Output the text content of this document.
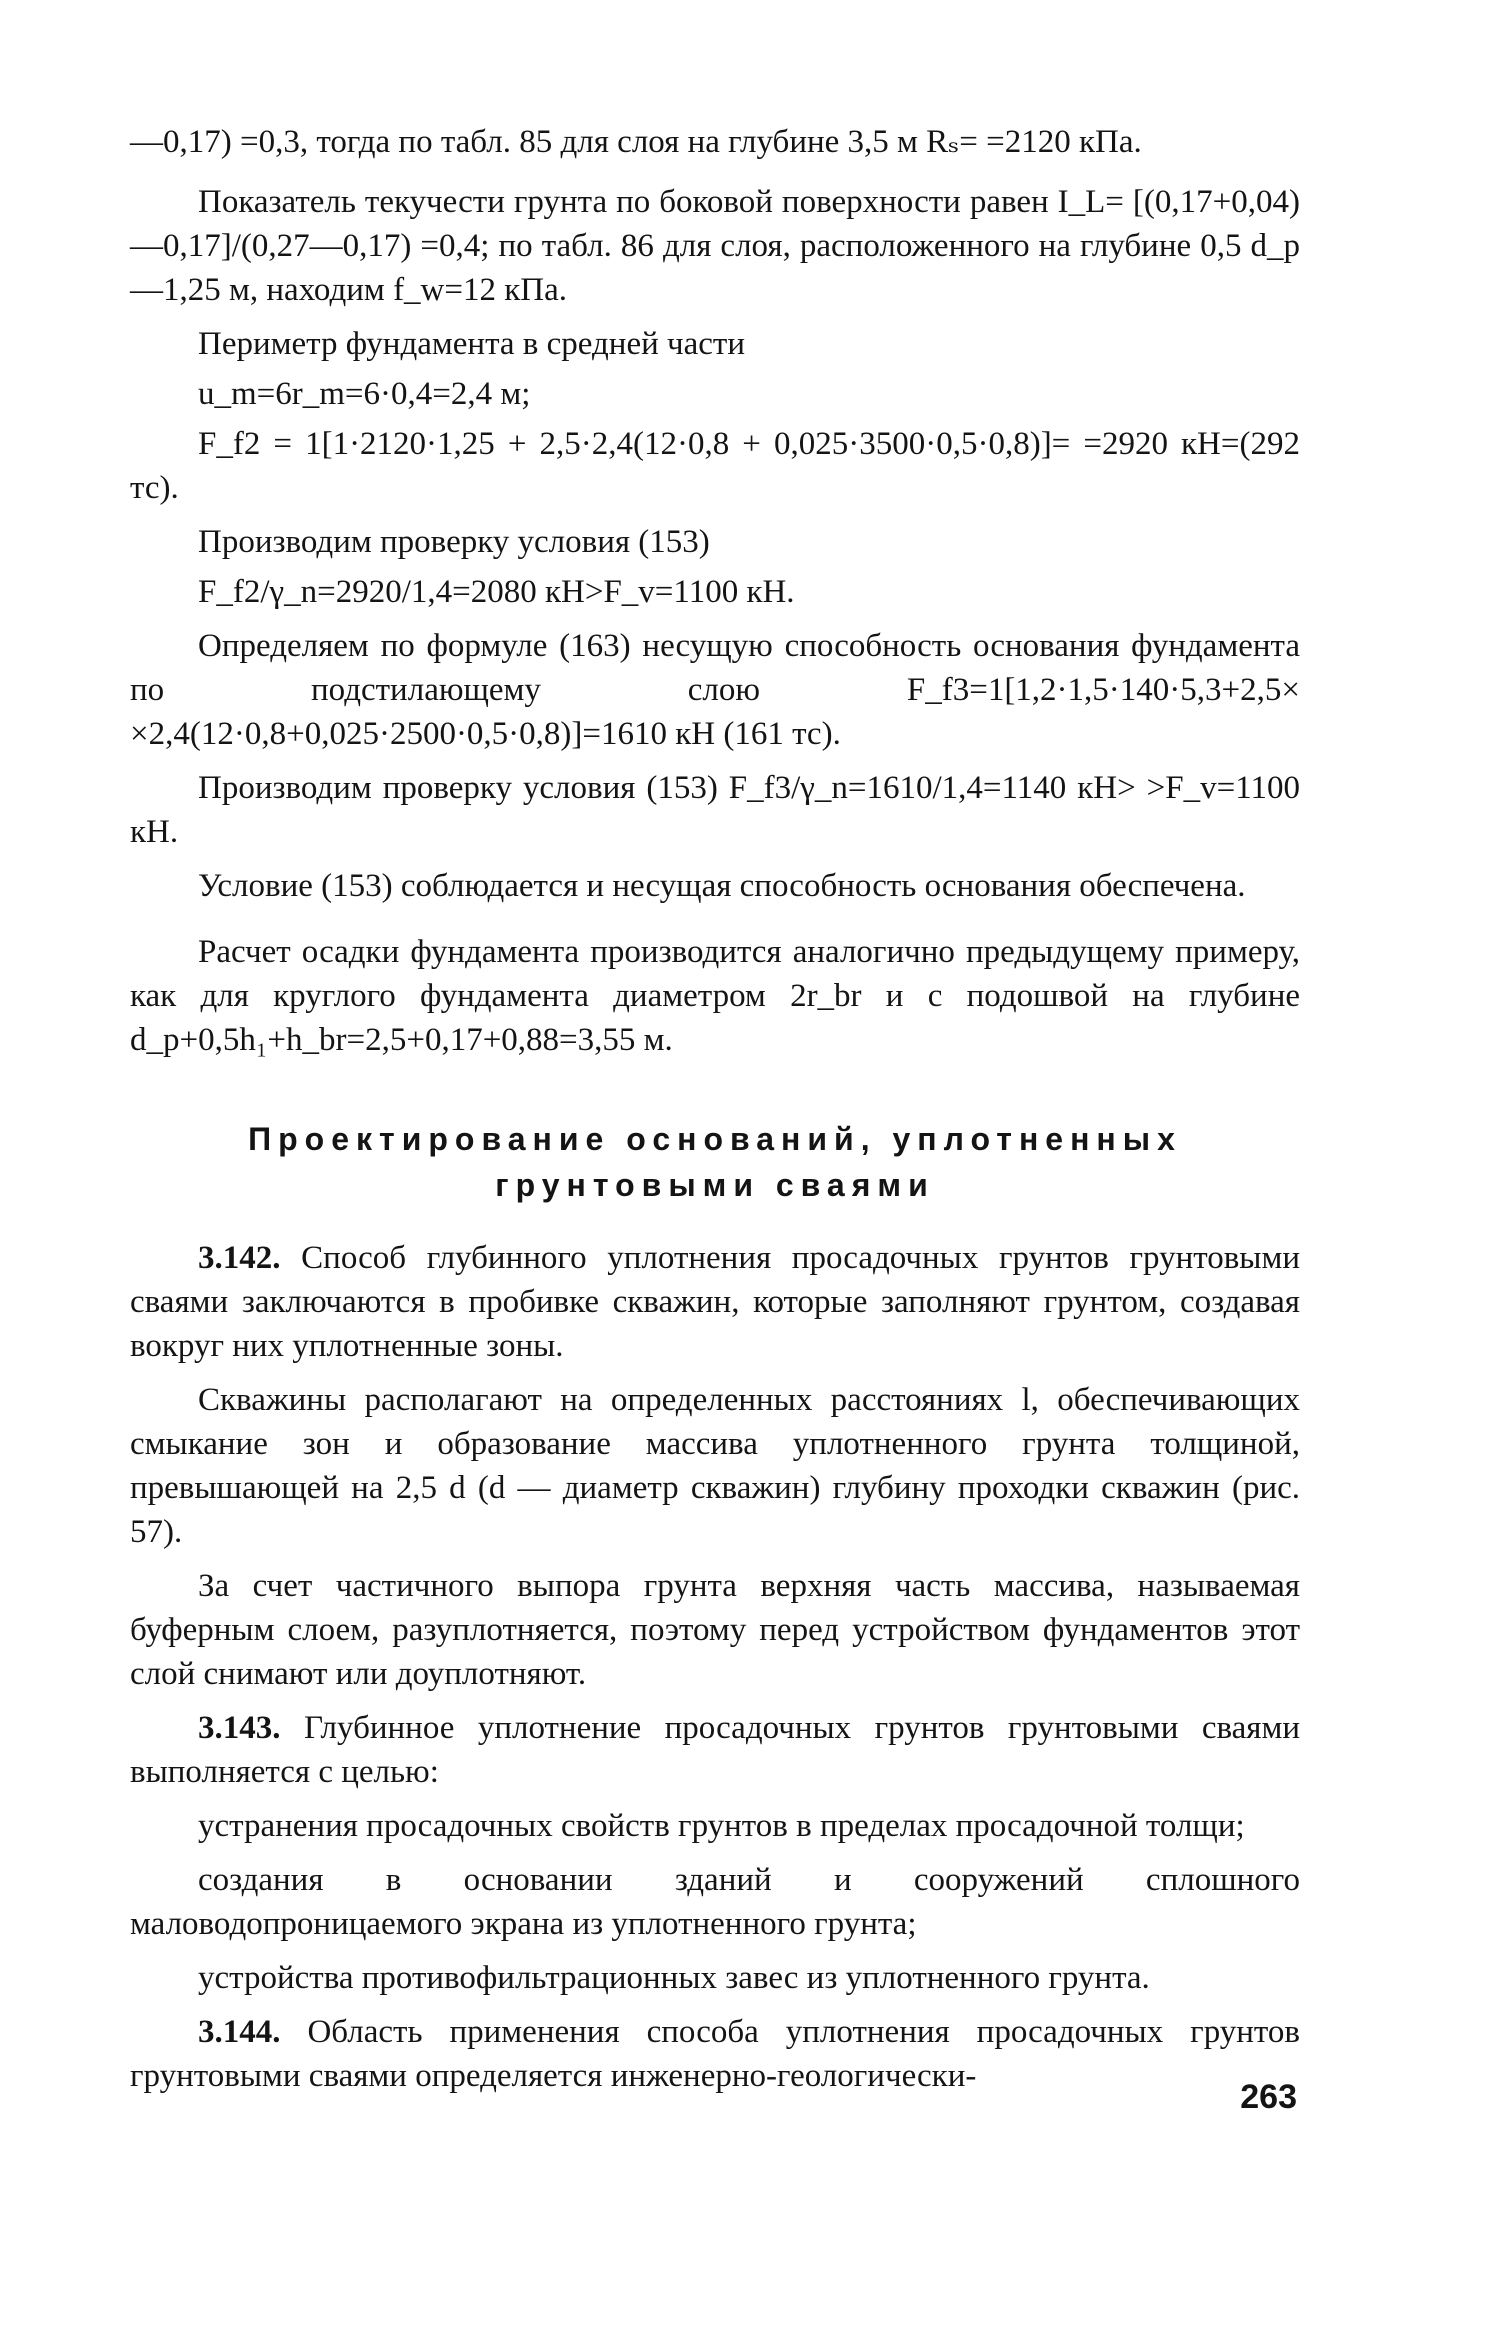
—0,17) =0,3, тогда по табл. 85 для слоя на глубине 3,5 м Rₛ= =2120 кПа.

Показатель текучести грунта по боковой поверхности равен I_L= [(0,17+0,04)—0,17]/(0,27—0,17) =0,4; по табл. 86 для слоя, расположенного на глубине 0,5 d_p—1,25 м, находим f_w=12 кПа.

Периметр фундамента в средней части

u_m=6r_m=6·0,4=2,4 м;

F_f2 = 1[1·2120·1,25 + 2,5·2,4(12·0,8 + 0,025·3500·0,5·0,8)]= =2920 кН=(292 тс).

Производим проверку условия (153)

F_f2/γ_n=2920/1,4=2080 кН>F_v=1100 кН.

Определяем по формуле (163) несущую способность основания фундамента по подстилающему слою F_f3=1[1,2·1,5·140·5,3+2,5× ×2,4(12·0,8+0,025·2500·0,5·0,8)]=1610 кН (161 тс).

Производим проверку условия (153) F_f3/γ_n=1610/1,4=1140 кН> >F_v=1100 кН.

Условие (153) соблюдается и несущая способность основания обеспечена.

Расчет осадки фундамента производится аналогично предыдущему примеру, как для круглого фундамента диаметром 2r_br и с подошвой на глубине d_p+0,5h₁+h_br=2,5+0,17+0,88=3,55 м.

Проектирование оснований, уплотненных грунтовыми сваями

3.142. Способ глубинного уплотнения просадочных грунтов грунтовыми сваями заключаются в пробивке скважин, которые заполняют грунтом, создавая вокруг них уплотненные зоны.

Скважины располагают на определенных расстояниях l, обеспечивающих смыкание зон и образование массива уплотненного грунта толщиной, превышающей на 2,5 d (d — диаметр скважин) глубину проходки скважин (рис. 57).

За счет частичного выпора грунта верхняя часть массива, называемая буферным слоем, разуплотняется, поэтому перед устройством фундаментов этот слой снимают или доуплотняют.

3.143. Глубинное уплотнение просадочных грунтов грунтовыми сваями выполняется с целью:

устранения просадочных свойств грунтов в пределах просадочной толщи;

создания в основании зданий и сооружений сплошного маловодопроницаемого экрана из уплотненного грунта;

устройства противофильтрационных завес из уплотненного грунта.

3.144. Область применения способа уплотнения просадочных грунтов грунтовыми сваями определяется инженерно-геологически-

263
